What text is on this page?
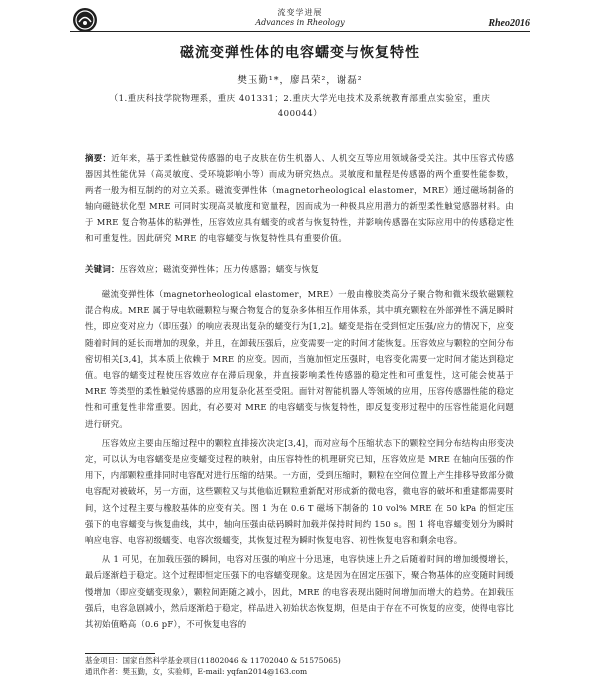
流变学进展
Advances in Rheology	Rheo2016
磁流变弹性体的电容蠕变与恢复特性
樊玉勤¹*，廖昌荣²，谢磊²
（1.重庆科技学院物理系，重庆 401331；2.重庆大学光电技术及系统教育部重点实验室，重庆 400044）
摘要：近年来，基于柔性触觉传感器的电子皮肤在仿生机器人、人机交互等应用领域备受关注。其中压容式传感器因其性能优异（高灵敏度、受环境影响小等）而成为研究热点。灵敏度和量程是传感器的两个重要性能参数，两者一般为相互制约的对立关系。磁流变弹性体（magnetorheological elastomer，MRE）通过磁场制备的轴向磁链状化型 MRE 可同时实现高灵敏度和宽量程，因而成为一种极具应用潜力的新型柔性触觉感器材料。由于 MRE 复合物基体的粘弹性，压容效应具有蠕变的或者与恢复特性，并影响传感器在实际应用中的传感稳定性和可重复性。因此研究 MRE 的电容蠕变与恢复特性具有重要价值。
关键词：压容效应；磁流变弹性体；压力传感器；蠕变与恢复

磁流变弹性体（magnetorheological elastomer，MRE）一般由橡胶类高分子聚合物和微米级软磁颗粒混合构成。MRE 属于导电软磁颗粒与聚合物复合的复杂多体相互作用体系，其中填充颗粒在外部弹性不满足瞬时性，即应变对应力（即压强）的响应表现出复杂的蠕变行为[1,2]。蠕变是指在受到恒定压强/应力的情况下，应变随着时间的延长而增加的现象，并且，在卸载压强后，应变需要一定的时间才能恢复。压容效应与颗粒的空间分布密切相关[3,4]，其本质上依赖于 MRE 的应变。因而，当施加恒定压强时，电容变化需要一定时间才能达到稳定值。电容的蠕变过程使压容效应存在滞后现象，并直接影响柔性传感器的稳定性和可重复性，这可能会使基于 MRE 等类型的柔性触觉传感器的应用复杂化甚至受阻。面针对智能机器人等领域的应用，压容传感器性能的稳定性和可重复性非常重要。因此，有必要对 MRE 的电容蠕变与恢复特性，即反复变形过程中的压容性能退化问题进行研究。

压容效应主要由压缩过程中的颗粒直排接次决定[3,4]，而对应每个压缩状态下的颗粒空间分布结构由形变决定，可以认为电容蠕变是应变蠕变过程的映射，由压容特性的机理研究已知，压容效应是 MRE 在轴向压强的作用下，内部颗粒重排同时电容配对进行压缩的结果。一方面，受到压缩时，颗粒在空间位置上产生排移导致部分微电容配对被破坏，另一方面，这些颗粒又与其他临近颗粒重新配对形成新的微电容，微电容的破坏和重建都需要时间，这个过程主要与橡胶基体的应变有关。图 1 为在 0.6 T 磁场下制备的 10 vol% MRE 在 50 kPa 的恒定压强下的电容蠕变与恢复曲线，其中，轴向压强由砝码瞬时加载并保持时间约 150 s。图 1 将电容蠕变划分为瞬时响应电容、电容初级蠕变、电容次级蠕变，其恢复过程为瞬时恢复电容、初性恢复电容和剩余电容。

从 1 可见，在加载压强的瞬间，电容对压强的响应十分迅速，电容快速上升之后随着时间的增加缓慢增长，最后逐渐趋于稳定。这个过程即恒定压强下的电容蠕变现象。这是因为在固定压强下，聚合物基体的应变随时间缓慢增加（即应变蠕变现象），颗粒间距随之减小，因此，MRE 的电容表现出随时间增加而增大的趋势。在卸载压强后，电容急剧减小，然后逐渐趋于稳定，样品进入初始状态恢复期，但是由于存在不可恢复的应变，使得电容比其初始值略高（0.6 pF），不可恢复电容的

基金项目：国家自然科学基金项目(11802046 & 11702040 & 51575065)
通讯作者：樊玉勤，女，实验师，E-mail: yqfan2014@163.com
